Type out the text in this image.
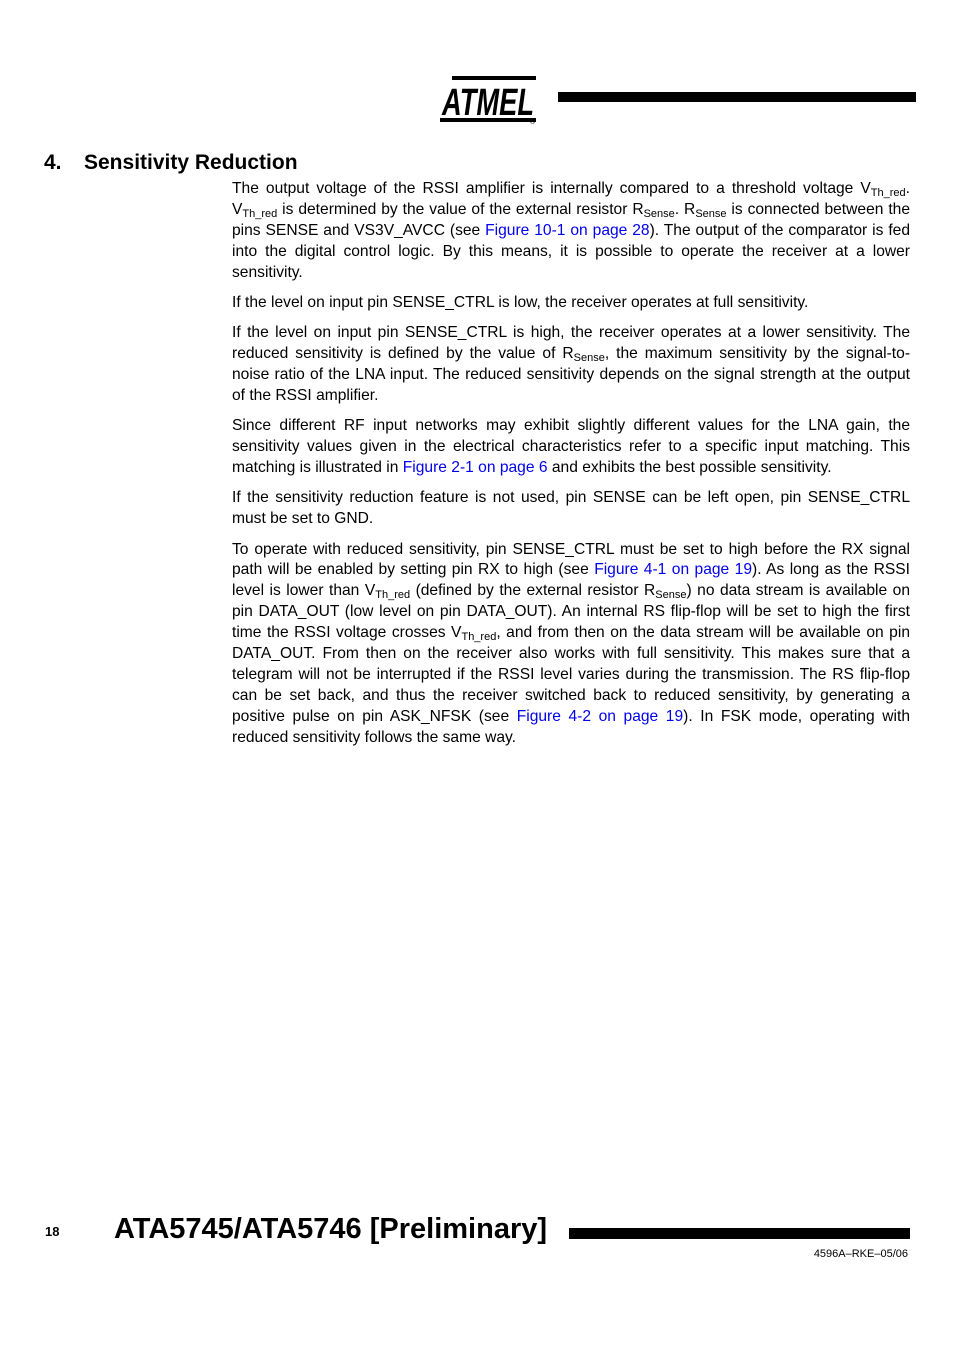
ATMEL
®
4. Sensitivity Reduction

The output voltage of the RSSI amplifier is internally compared to a threshold voltage $V_{Th\_red}$. $V_{Th\_red}$ is determined by the value of the external resistor $R_{Sense}$. $R_{Sense}$ is connected between the pins SENSE and VS3V_AVCC (see Figure 10-1 on page 28). The output of the comparator is fed into the digital control logic. By this means, it is possible to operate the receiver at a lower sensitivity.

If the level on input pin SENSE_CTRL is low, the receiver operates at full sensitivity.

If the level on input pin SENSE_CTRL is high, the receiver operates at a lower sensitivity. The reduced sensitivity is defined by the value of $R_{Sense}$, the maximum sensitivity by the signal-to-noise ratio of the LNA input. The reduced sensitivity depends on the signal strength at the output of the RSSI amplifier.

Since different RF input networks may exhibit slightly different values for the LNA gain, the sensitivity values given in the electrical characteristics refer to a specific input matching. This matching is illustrated in Figure 2-1 on page 6 and exhibits the best possible sensitivity.

If the sensitivity reduction feature is not used, pin SENSE can be left open, pin SENSE_CTRL must be set to GND.

To operate with reduced sensitivity, pin SENSE_CTRL must be set to high before the RX signal path will be enabled by setting pin RX to high (see Figure 4-1 on page 19). As long as the RSSI level is lower than $V_{Th\_red}$ (defined by the external resistor $R_{Sense}$) no data stream is available on pin DATA_OUT (low level on pin DATA_OUT). An internal RS flip-flop will be set to high the first time the RSSI voltage crosses $V_{Th\_red}$, and from then on the data stream will be available on pin DATA_OUT. From then on the receiver also works with full sensitivity. This makes sure that a telegram will not be interrupted if the RSSI level varies during the transmission. The RS flip-flop can be set back, and thus the receiver switched back to reduced sensitivity, by generating a positive pulse on pin ASK_NFSK (see Figure 4-2 on page 19). In FSK mode, operating with reduced sensitivity follows the same way.

18 ATA5745/ATA5746 [Preliminary]
4596A–RKE–05/06
